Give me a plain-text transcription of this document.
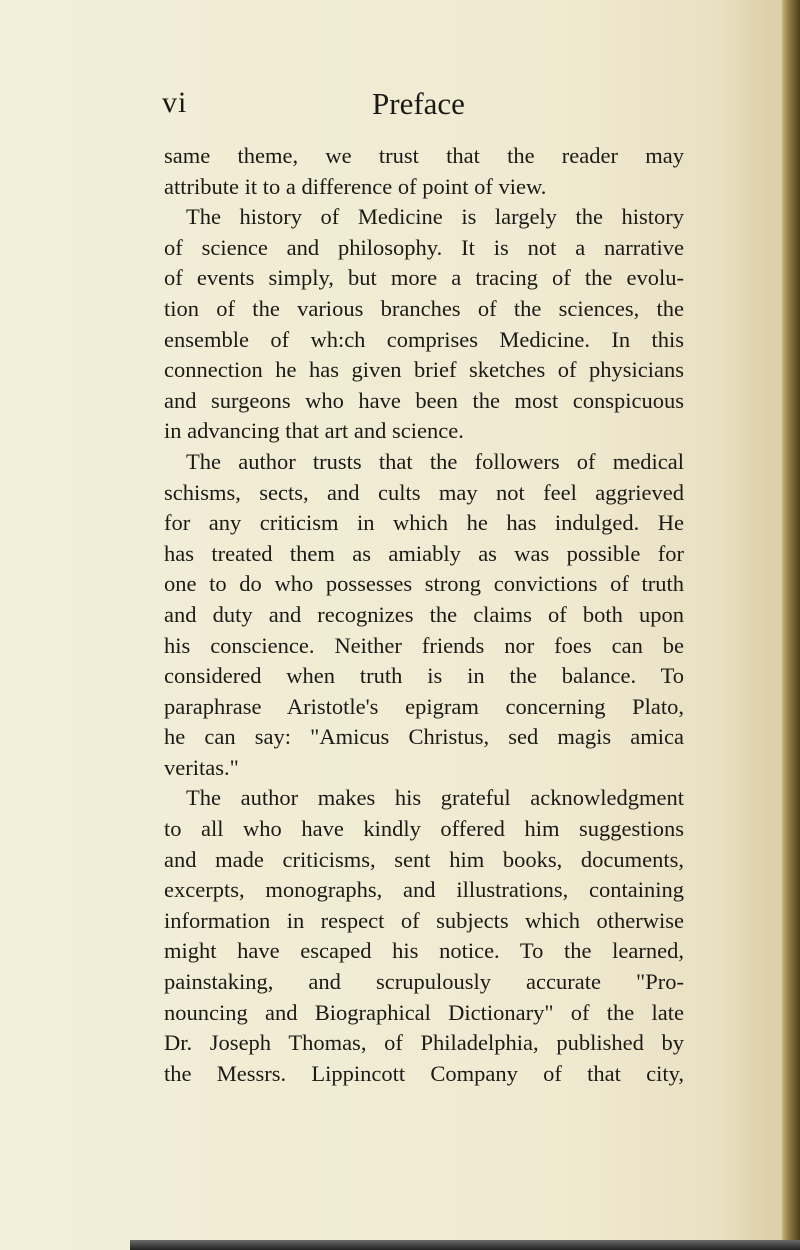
vi	Preface
same theme, we trust that the reader may
attribute it to a difference of point of view.
The history of Medicine is largely the history
of science and philosophy. It is not a narrative
of events simply, but more a tracing of the evolu-
tion of the various branches of the sciences, the
ensemble of wh:ch comprises Medicine. In this
connection he has given brief sketches of physicians
and surgeons who have been the most conspicuous
in advancing that art and science.
The author trusts that the followers of medical
schisms, sects, and cults may not feel aggrieved
for any criticism in which he has indulged. He
has treated them as amiably as was possible for
one to do who possesses strong convictions of truth
and duty and recognizes the claims of both upon
his conscience. Neither friends nor foes can be
considered when truth is in the balance. To
paraphrase Aristotle's epigram concerning Plato,
he can say: "Amicus Christus, sed magis amica
veritas."
The author makes his grateful acknowledgment
to all who have kindly offered him suggestions
and made criticisms, sent him books, documents,
excerpts, monographs, and illustrations, containing
information in respect of subjects which otherwise
might have escaped his notice. To the learned,
painstaking, and scrupulously accurate "Pro-
nouncing and Biographical Dictionary" of the late
Dr. Joseph Thomas, of Philadelphia, published by
the Messrs. Lippincott Company of that city,
